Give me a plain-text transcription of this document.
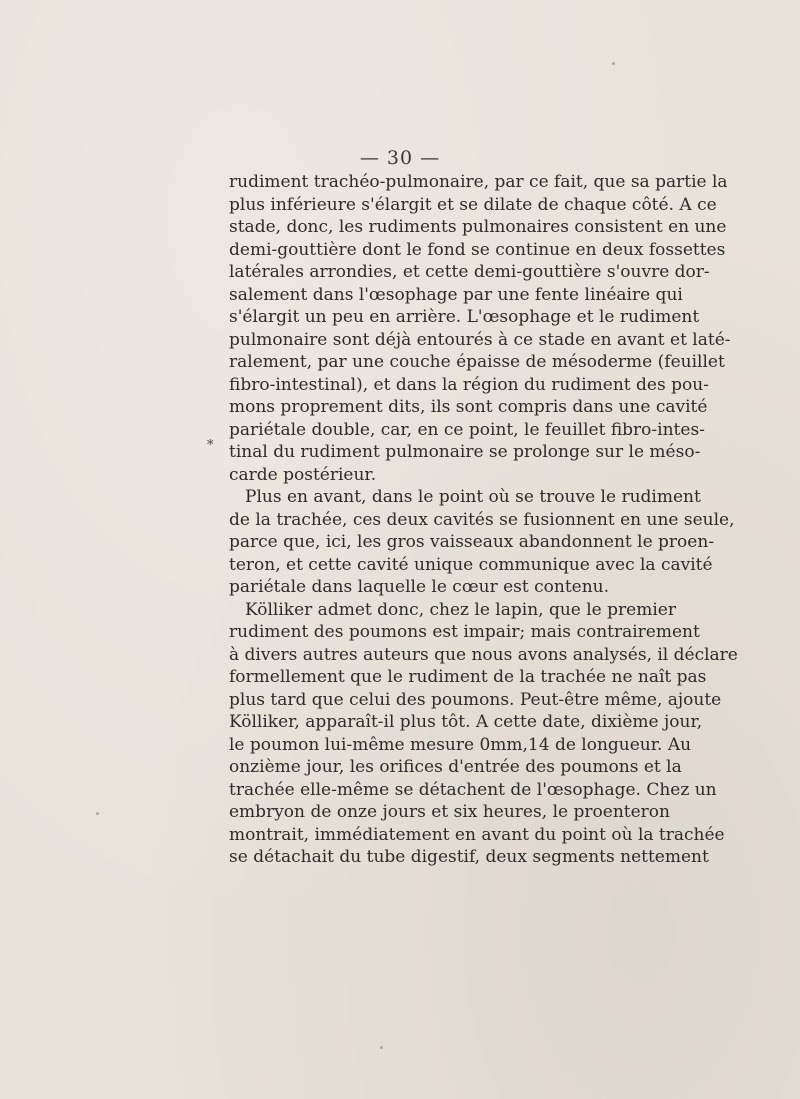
— 30 —
*
rudiment trachéo-pulmonaire, par ce fait, que sa partie la
plus inférieure s'élargit et se dilate de chaque côté. A ce
stade, donc, les rudiments pulmonaires consistent en une
demi-gouttière dont le fond se continue en deux fossettes
latérales arrondies, et cette demi-gouttière s'ouvre dor-
salement dans l'œsophage par une fente linéaire qui
s'élargit un peu en arrière. L'œsophage et le rudiment
pulmonaire sont déjà entourés à ce stade en avant et laté-
ralement, par une couche épaisse de mésoderme (feuillet
fibro-intestinal), et dans la région du rudiment des pou-
mons proprement dits, ils sont compris dans une cavité
pariétale double, car, en ce point, le feuillet fibro-intes-
tinal du rudiment pulmonaire se prolonge sur le méso-
carde postérieur.
Plus en avant, dans le point où se trouve le rudiment
de la trachée, ces deux cavités se fusionnent en une seule,
parce que, ici, les gros vaisseaux abandonnent le proen-
teron, et cette cavité unique communique avec la cavité
pariétale dans laquelle le cœur est contenu.
Kölliker admet donc, chez le lapin, que le premier
rudiment des poumons est impair; mais contrairement
à divers autres auteurs que nous avons analysés, il déclare
formellement que le rudiment de la trachée ne naît pas
plus tard que celui des poumons. Peut-être même, ajoute
Kölliker, apparaît-il plus tôt. A cette date, dixième jour,
le poumon lui-même mesure 0mm,14 de longueur. Au
onzième jour, les orifices d'entrée des poumons et la
trachée elle-même se détachent de l'œsophage. Chez un
embryon de onze jours et six heures, le proenteron
montrait, immédiatement en avant du point où la trachée
se détachait du tube digestif, deux segments nettement
